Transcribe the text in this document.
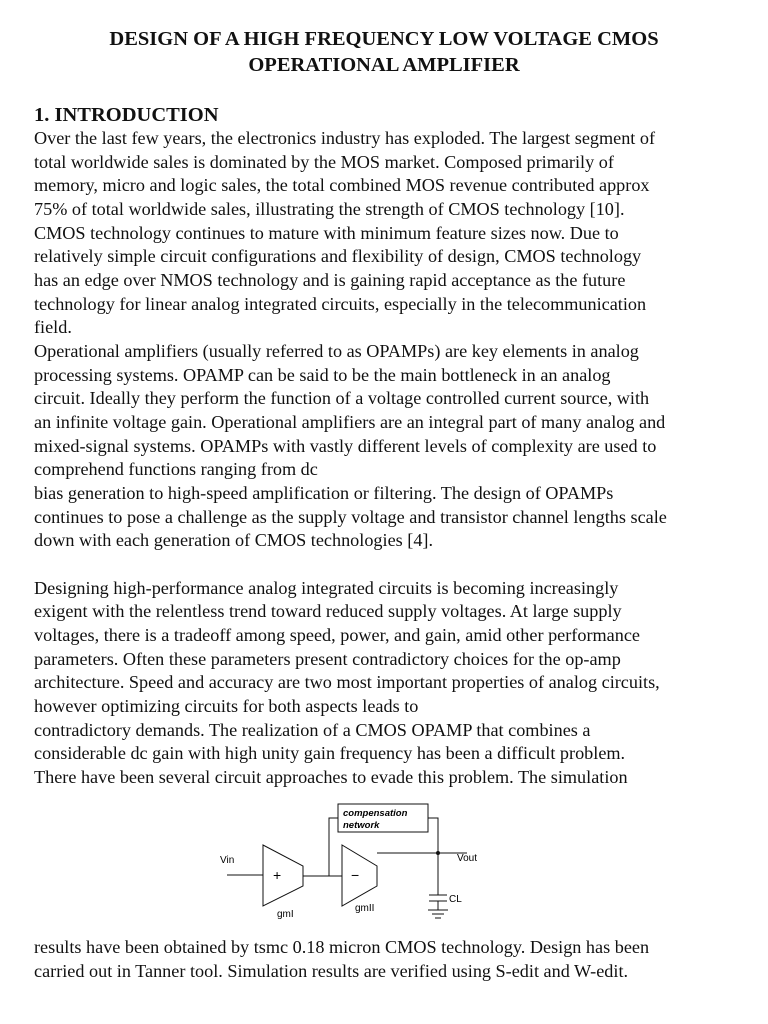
DESIGN OF A HIGH FREQUENCY LOW VOLTAGE CMOS
OPERATIONAL AMPLIFIER
1. INTRODUCTION
Over the last few years, the electronics industry has exploded. The largest segment of
total worldwide sales is dominated by the MOS market. Composed primarily of
memory, micro and logic sales, the total combined MOS revenue contributed approx
75% of total worldwide sales, illustrating the strength of CMOS technology [10].
CMOS technology continues to mature with minimum feature sizes now. Due to
relatively simple circuit configurations and flexibility of design, CMOS technology
has an edge over NMOS technology and is gaining rapid acceptance as the future
technology for linear analog integrated circuits, especially in the telecommunication
field.
Operational amplifiers (usually referred to as OPAMPs) are key elements in analog
processing systems. OPAMP can be said to be the main bottleneck in an analog
circuit. Ideally they perform the function of a voltage controlled current source, with
an infinite voltage gain. Operational amplifiers are an integral part of many analog and
mixed-signal systems. OPAMPs with vastly different levels of complexity are used to
comprehend functions ranging from dc
bias generation to high-speed amplification or filtering. The design of OPAMPs
continues to pose a challenge as the supply voltage and transistor channel lengths scale
down with each generation of CMOS technologies [4].
Designing high-performance analog integrated circuits is becoming increasingly
exigent with the relentless trend toward reduced supply voltages. At large supply
voltages, there is a tradeoff among speed, power, and gain, amid other performance
parameters. Often these parameters present contradictory choices for the op-amp
architecture. Speed and accuracy are two most important properties of analog circuits,
however optimizing circuits for both aspects leads to
contradictory demands. The realization of a CMOS OPAMP that combines a
considerable dc gain with high unity gain frequency has been a difficult problem.
There have been several circuit approaches to evade this problem. The simulation
compensation
network
Vin	Vout
CL
gmI
gmII
+	−
results have been obtained by tsmc 0.18 micron CMOS technology. Design has been
carried out in Tanner tool. Simulation results are verified using S-edit and W-edit.
